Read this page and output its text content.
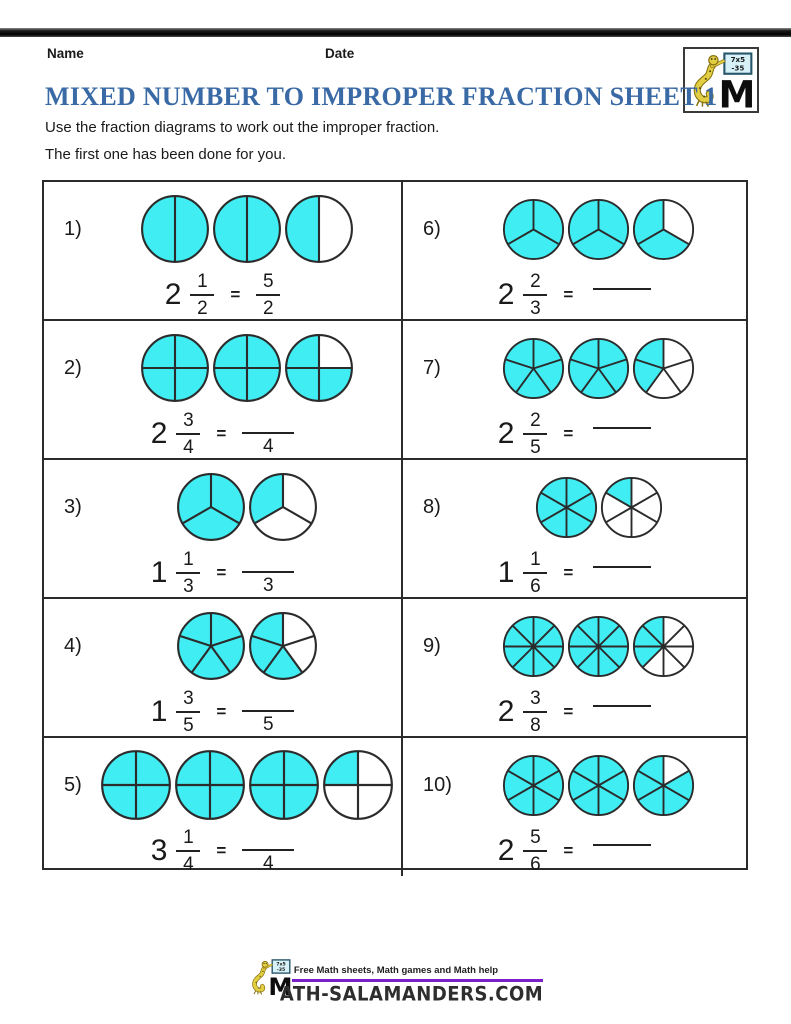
Name	Date
MIXED NUMBER TO IMPROPER FRACTION SHEET 1
Use the fraction diagrams to work out the improper fraction.
The first one has been done for you.
1)
$2 \frac{1}{2} = \frac{5}{2}$
2)
$2 \frac{3}{4}$ =
4
3)
$1 \frac{1}{3}$ =
3
4)
$1 \frac{3}{5}$ =
5
5)
$3 \frac{1}{4}$ =
4
6)
$2 \frac{2}{3}$ =
7)
$2 \frac{2}{5}$ =
8)
$1 \frac{1}{6}$ =
9)
$2 \frac{3}{8}$ =
10)
$2 \frac{5}{6}$ =
Free Math sheets, Math games and Math help
ATH-SALAMANDERS.COM
